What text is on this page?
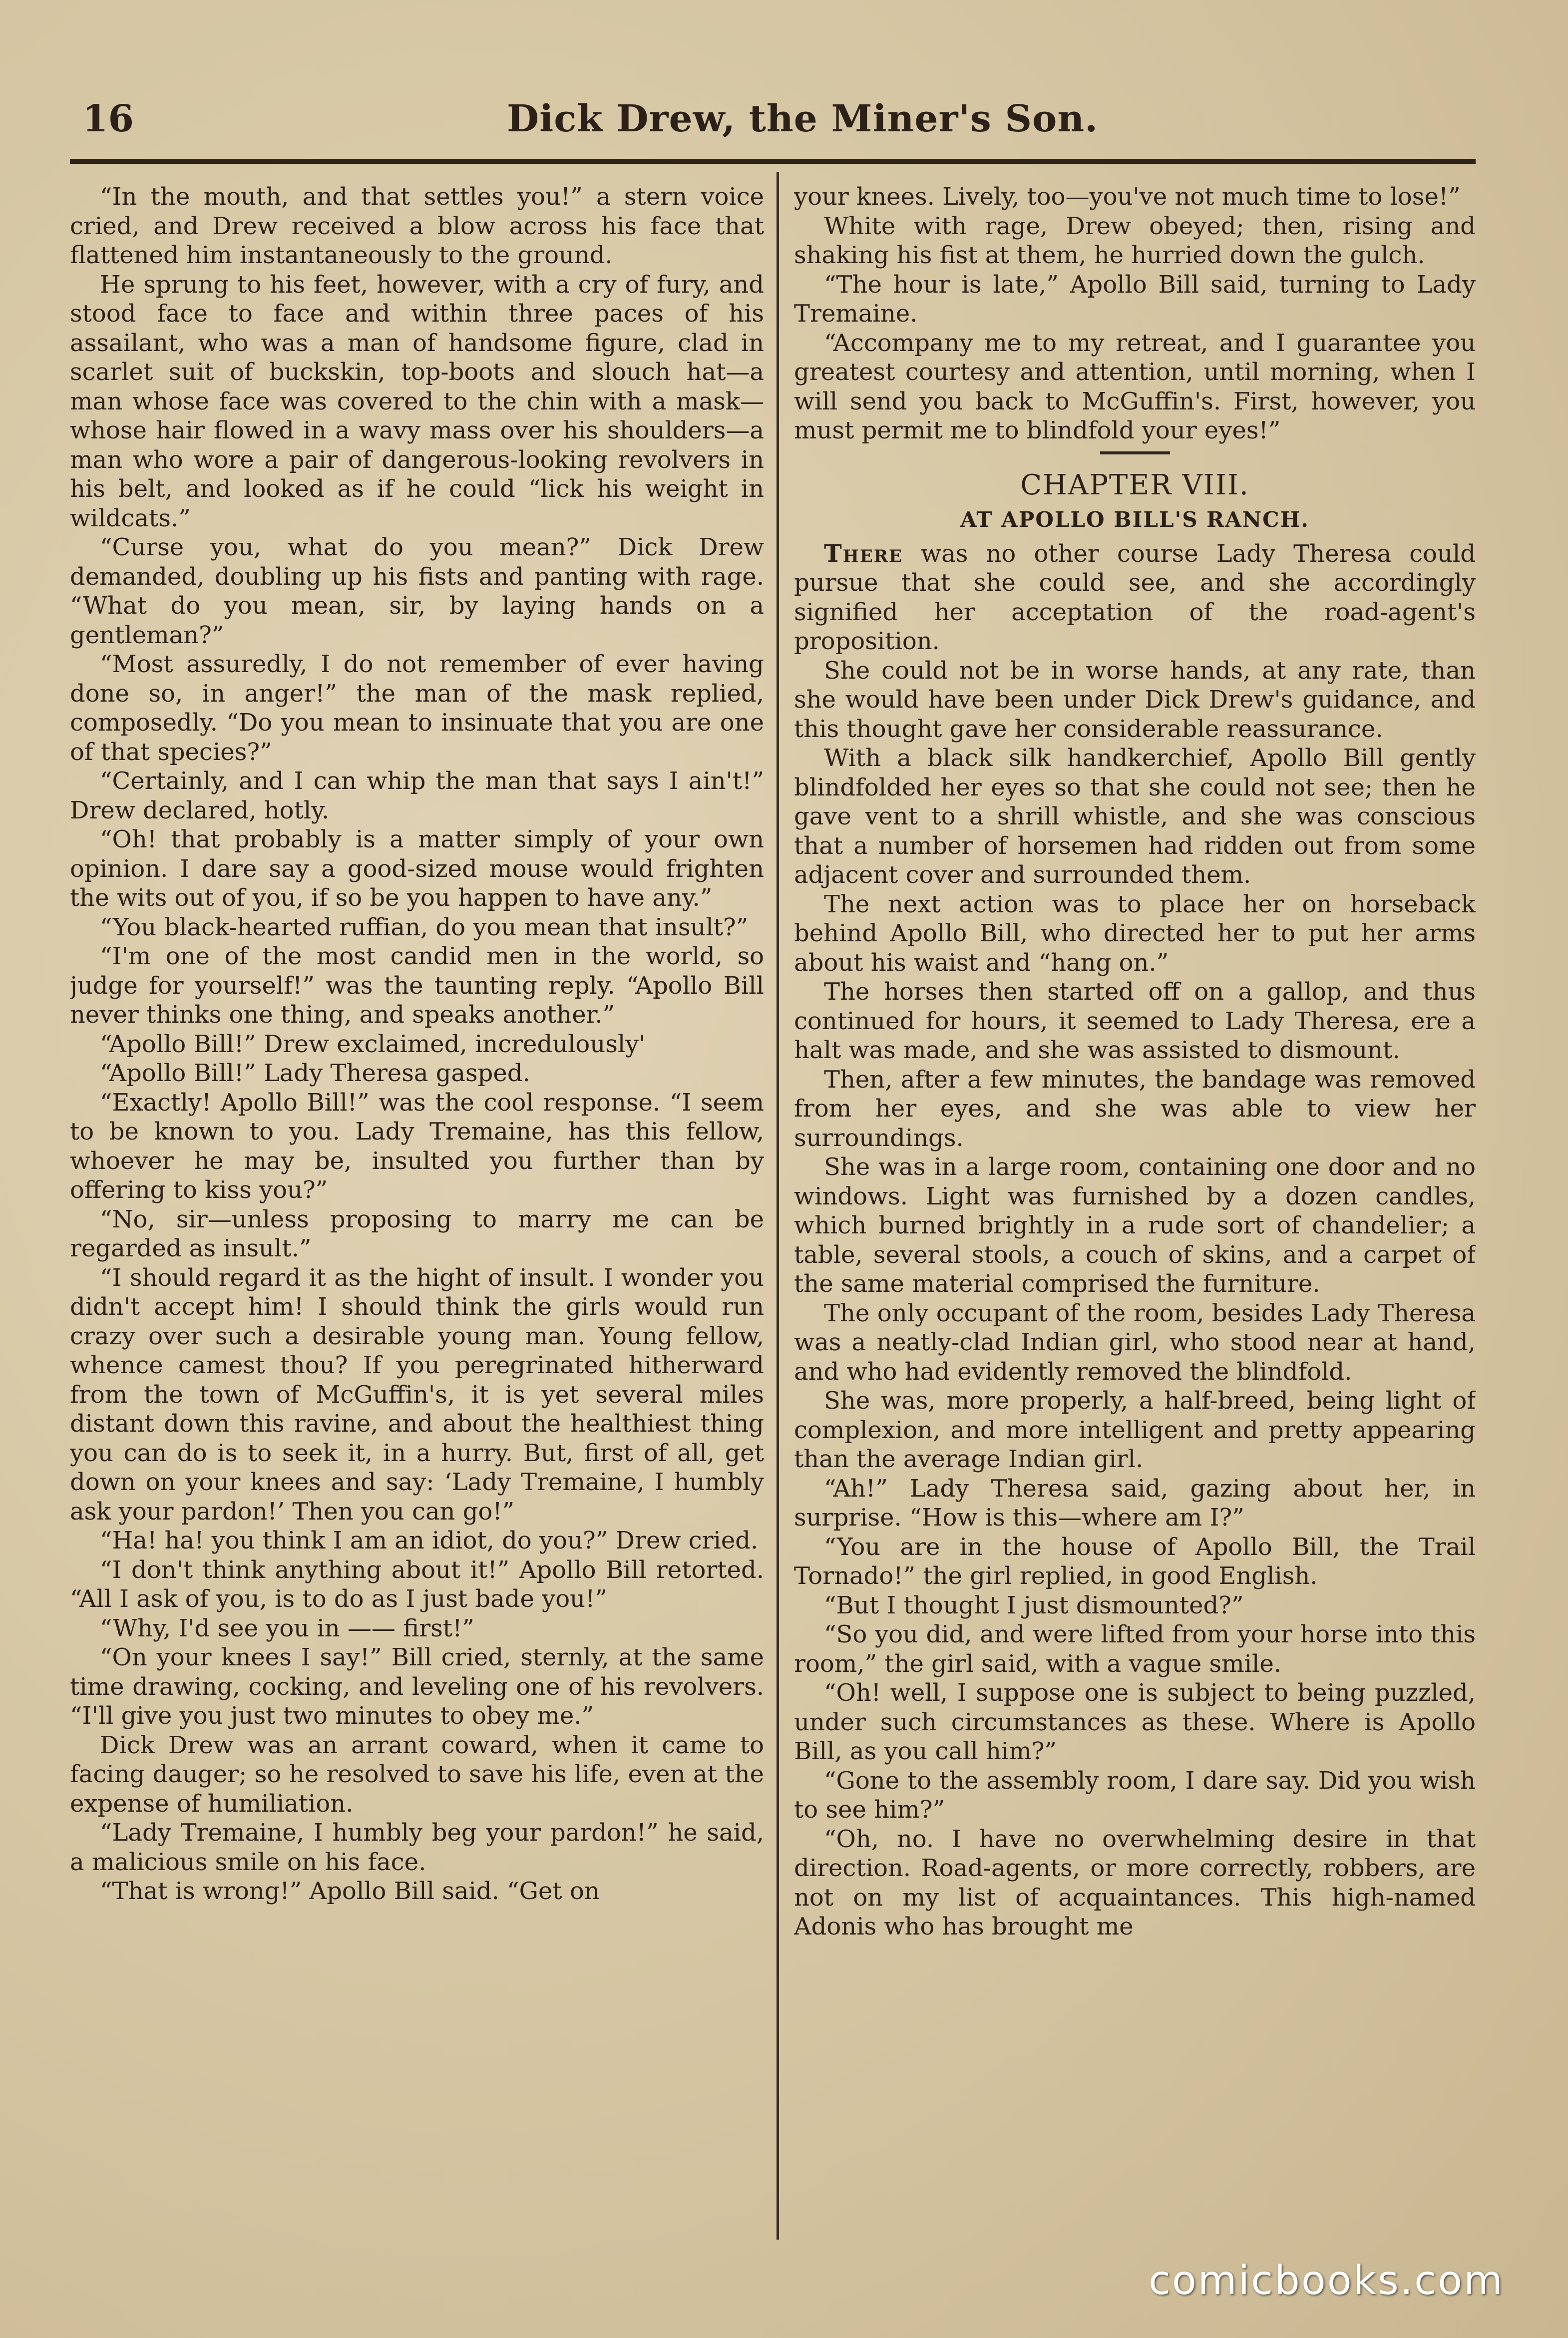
16	Dick Drew, the Miner's Son.

“In the mouth, and that settles you!” a stern voice cried, and Drew received a blow across his face that flattened him instantaneously to the ground.

He sprung to his feet, however, with a cry of fury, and stood face to face and within three paces of his assailant, who was a man of handsome figure, clad in scarlet suit of buckskin, top-boots and slouch hat—a man whose face was covered to the chin with a mask—whose hair flowed in a wavy mass over his shoulders—a man who wore a pair of dangerous-looking revolvers in his belt, and looked as if he could “lick his weight in wildcats.”

“Curse you, what do you mean?” Dick Drew demanded, doubling up his fists and panting with rage. “What do you mean, sir, by laying hands on a gentleman?”

“Most assuredly, I do not remember of ever having done so, in anger!” the man of the mask replied, composedly. “Do you mean to insinuate that you are one of that species?”

“Certainly, and I can whip the man that says I ain't!” Drew declared, hotly.

“Oh! that probably is a matter simply of your own opinion. I dare say a good-sized mouse would frighten the wits out of you, if so be you happen to have any.”

“You black-hearted ruffian, do you mean that insult?”

“I'm one of the most candid men in the world, so judge for yourself!” was the taunting reply. “Apollo Bill never thinks one thing, and speaks another.”

“Apollo Bill!” Drew exclaimed, incredulously'

“Apollo Bill!” Lady Theresa gasped.

“Exactly! Apollo Bill!” was the cool response. “I seem to be known to you. Lady Tremaine, has this fellow, whoever he may be, insulted you further than by offering to kiss you?”

“No, sir—unless proposing to marry me can be regarded as insult.”

“I should regard it as the hight of insult. I wonder you didn't accept him! I should think the girls would run crazy over such a desirable young man. Young fellow, whence camest thou? If you peregrinated hitherward from the town of McGuffin's, it is yet several miles distant down this ravine, and about the healthiest thing you can do is to seek it, in a hurry. But, first of all, get down on your knees and say: ‘Lady Tremaine, I humbly ask your pardon!’ Then you can go!”

“Ha! ha! you think I am an idiot, do you?” Drew cried.

“I don't think anything about it!” Apollo Bill retorted. “All I ask of you, is to do as I just bade you!”

“Why, I'd see you in —— first!”

“On your knees I say!” Bill cried, sternly, at the same time drawing, cocking, and leveling one of his revolvers. “I'll give you just two minutes to obey me.”

Dick Drew was an arrant coward, when it came to facing dauger; so he resolved to save his life, even at the expense of humiliation.

“Lady Tremaine, I humbly beg your pardon!” he said, a malicious smile on his face.

“That is wrong!” Apollo Bill said. “Get on

your knees. Lively, too—you've not much time to lose!”

White with rage, Drew obeyed; then, rising and shaking his fist at them, he hurried down the gulch.

“The hour is late,” Apollo Bill said, turning to Lady Tremaine.

“Accompany me to my retreat, and I guarantee you greatest courtesy and attention, until morning, when I will send you back to McGuffin's. First, however, you must permit me to blindfold your eyes!”

CHAPTER VIII.
AT APOLLO BILL'S RANCH.

There was no other course Lady Theresa could pursue that she could see, and she accordingly signified her acceptation of the road-agent's proposition.

She could not be in worse hands, at any rate, than she would have been under Dick Drew's guidance, and this thought gave her considerable reassurance.

With a black silk handkerchief, Apollo Bill gently blindfolded her eyes so that she could not see; then he gave vent to a shrill whistle, and she was conscious that a number of horsemen had ridden out from some adjacent cover and surrounded them.

The next action was to place her on horseback behind Apollo Bill, who directed her to put her arms about his waist and “hang on.”

The horses then started off on a gallop, and thus continued for hours, it seemed to Lady Theresa, ere a halt was made, and she was assisted to dismount.

Then, after a few minutes, the bandage was removed from her eyes, and she was able to view her surroundings.

She was in a large room, containing one door and no windows. Light was furnished by a dozen candles, which burned brightly in a rude sort of chandelier; a table, several stools, a couch of skins, and a carpet of the same material comprised the furniture.

The only occupant of the room, besides Lady Theresa was a neatly-clad Indian girl, who stood near at hand, and who had evidently removed the blindfold.

She was, more properly, a half-breed, being light of complexion, and more intelligent and pretty appearing than the average Indian girl.

“Ah!” Lady Theresa said, gazing about her, in surprise. “How is this—where am I?”

“You are in the house of Apollo Bill, the Trail Tornado!” the girl replied, in good English.

“But I thought I just dismounted?”

“So you did, and were lifted from your horse into this room,” the girl said, with a vague smile.

“Oh! well, I suppose one is subject to being puzzled, under such circumstances as these. Where is Apollo Bill, as you call him?”

“Gone to the assembly room, I dare say. Did you wish to see him?”

“Oh, no. I have no overwhelming desire in that direction. Road-agents, or more correctly, robbers, are not on my list of acquaintances. This high-named Adonis who has brought me

comicbooks.com
